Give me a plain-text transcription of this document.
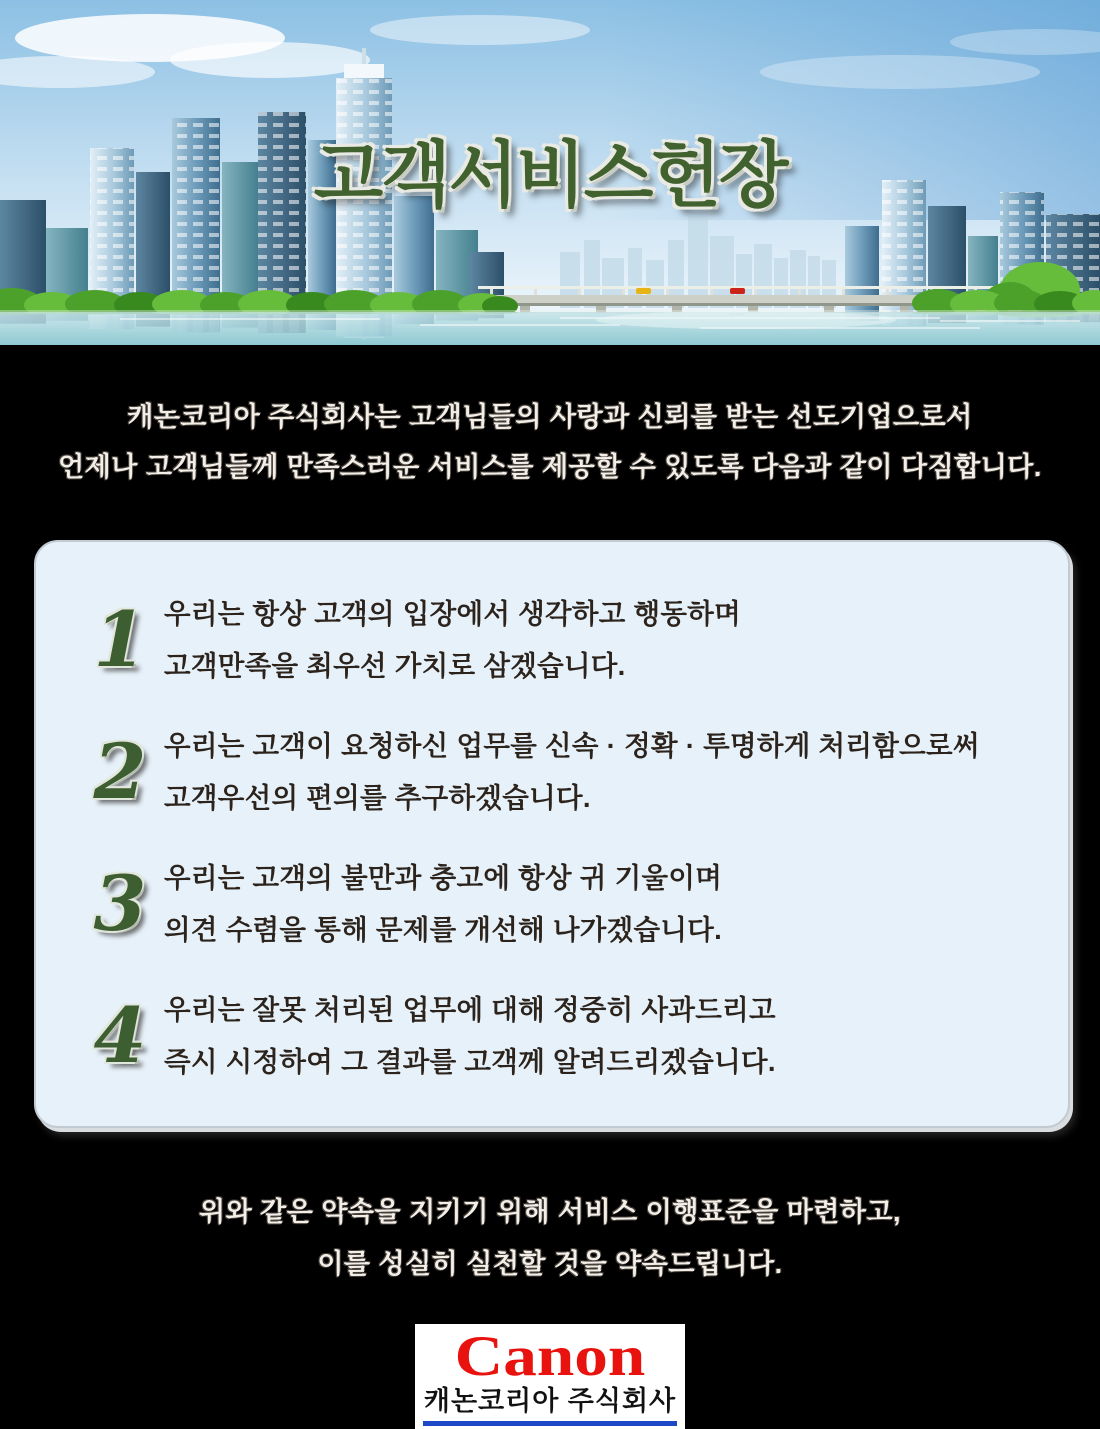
고객서비스헌장

캐논코리아 주식회사는 고객님들의 사랑과 신뢰를 받는 선도기업으로서

언제나 고객님들께 만족스러운 서비스를 제공할 수 있도록 다음과 같이 다짐합니다.

1 우리는 항상 고객의 입장에서 생각하고 행동하며

고객만족을 최우선 가치로 삼겠습니다.

2 우리는 고객이 요청하신 업무를 신속 · 정확 · 투명하게 처리함으로써

고객우선의 편의를 추구하겠습니다.

3 우리는 고객의 불만과 충고에 항상 귀 기울이며

의견 수렴을 통해 문제를 개선해 나가겠습니다.

4 우리는 잘못 처리된 업무에 대해 정중히 사과드리고

즉시 시정하여 그 결과를 고객께 알려드리겠습니다.

위와 같은 약속을 지키기 위해 서비스 이행표준을 마련하고,

이를 성실히 실천할 것을 약속드립니다.

Canon
캐논코리아 주식회사
